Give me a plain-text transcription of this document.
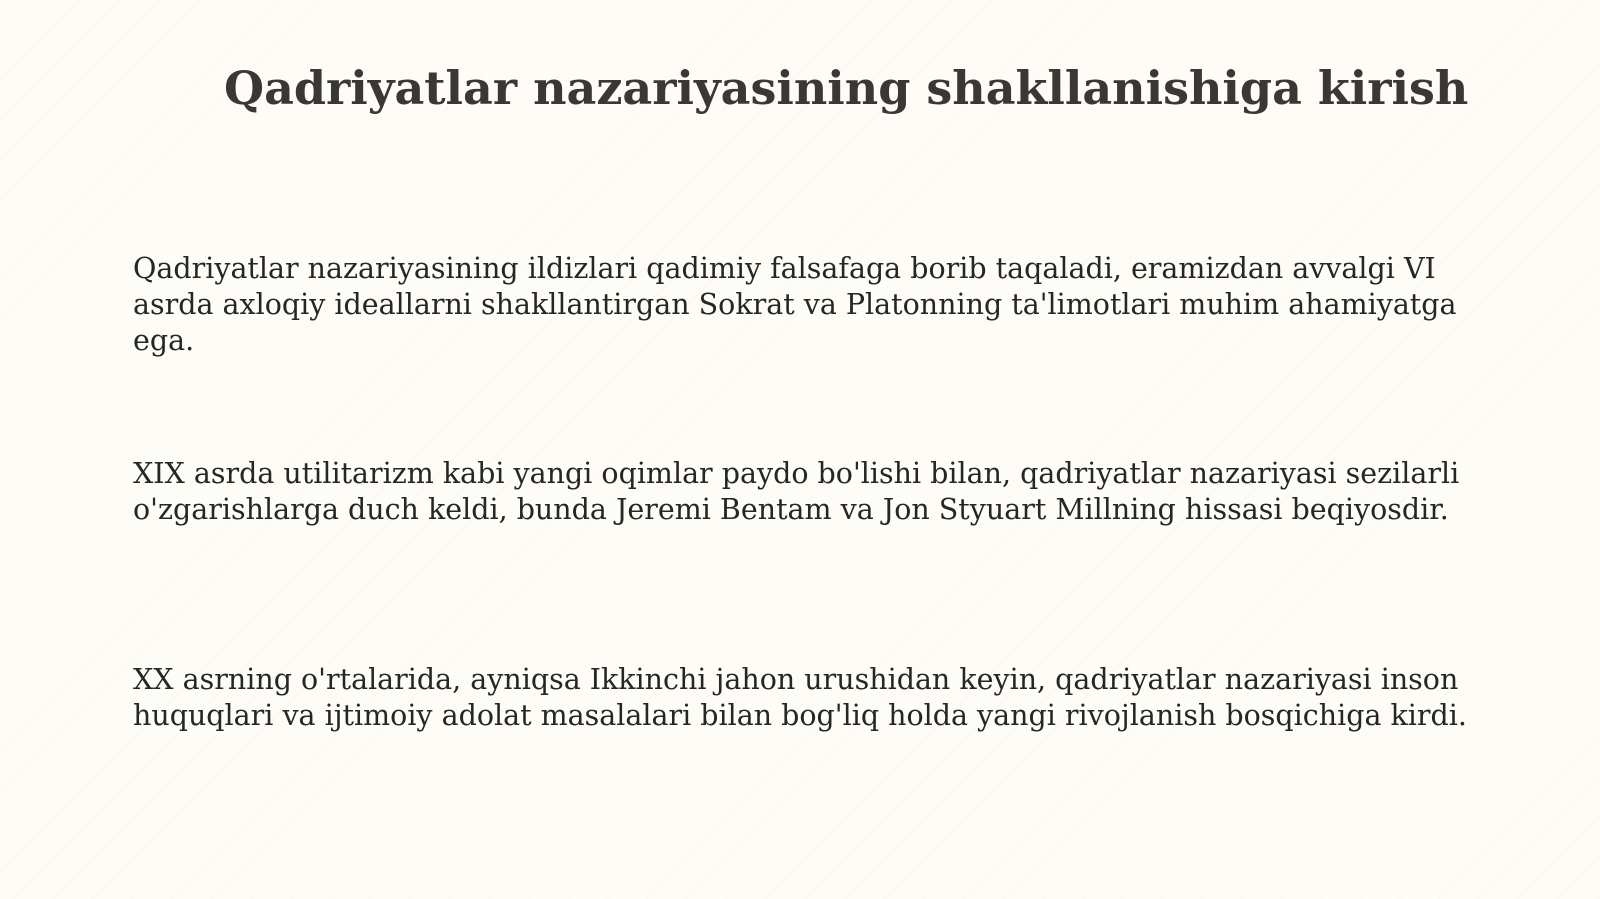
Qadriyatlar nazariyasining shakllanishiga kirish

Qadriyatlar nazariyasining ildizlari qadimiy falsafaga borib taqaladi, eramizdan avvalgi VI asrda axloqiy ideallarni shakllantirgan Sokrat va Platonning ta'limotlari muhim ahamiyatga ega.

XIX asrda utilitarizm kabi yangi oqimlar paydo bo'lishi bilan, qadriyatlar nazariyasi sezilarli o'zgarishlarga duch keldi, bunda Jeremi Bentam va Jon Styuart Millning hissasi beqiyosdir.

XX asrning o'rtalarida, ayniqsa Ikkinchi jahon urushidan keyin, qadriyatlar nazariyasi inson huquqlari va ijtimoiy adolat masalalari bilan bog'liq holda yangi rivojlanish bosqichiga kirdi.
